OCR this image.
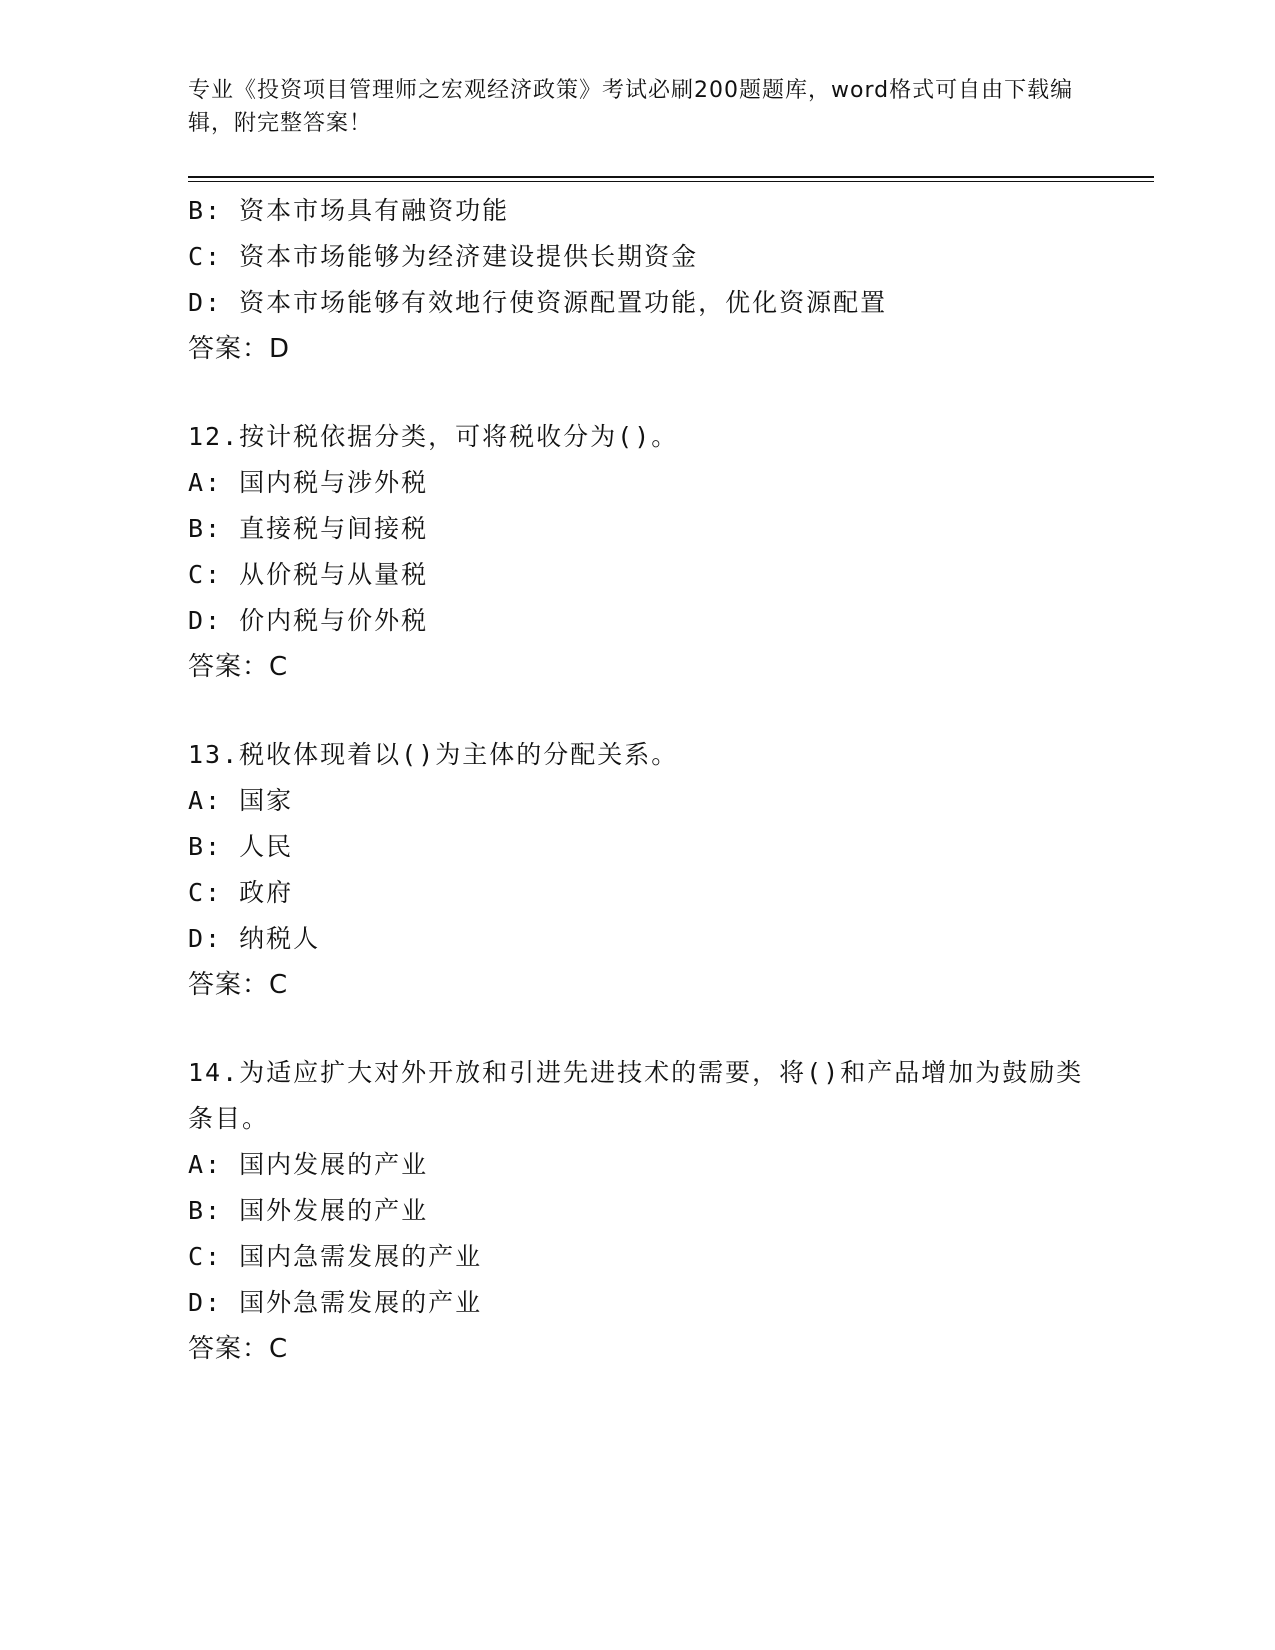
专业《投资项目管理师之宏观经济政策》考试必刷200题题库，word格式可自由下载编辑，附完整答案！
B: 资本市场具有融资功能
C: 资本市场能够为经济建设提供长期资金
D: 资本市场能够有效地行使资源配置功能，优化资源配置
答案：D
12.按计税依据分类，可将税收分为()。
A: 国内税与涉外税
B: 直接税与间接税
C: 从价税与从量税
D: 价内税与价外税
答案：C
13.税收体现着以()为主体的分配关系。
A: 国家
B: 人民
C: 政府
D: 纳税人
答案：C
14.为适应扩大对外开放和引进先进技术的需要，将()和产品增加为鼓励类条目。
A: 国内发展的产业
B: 国外发展的产业
C: 国内急需发展的产业
D: 国外急需发展的产业
答案：C
